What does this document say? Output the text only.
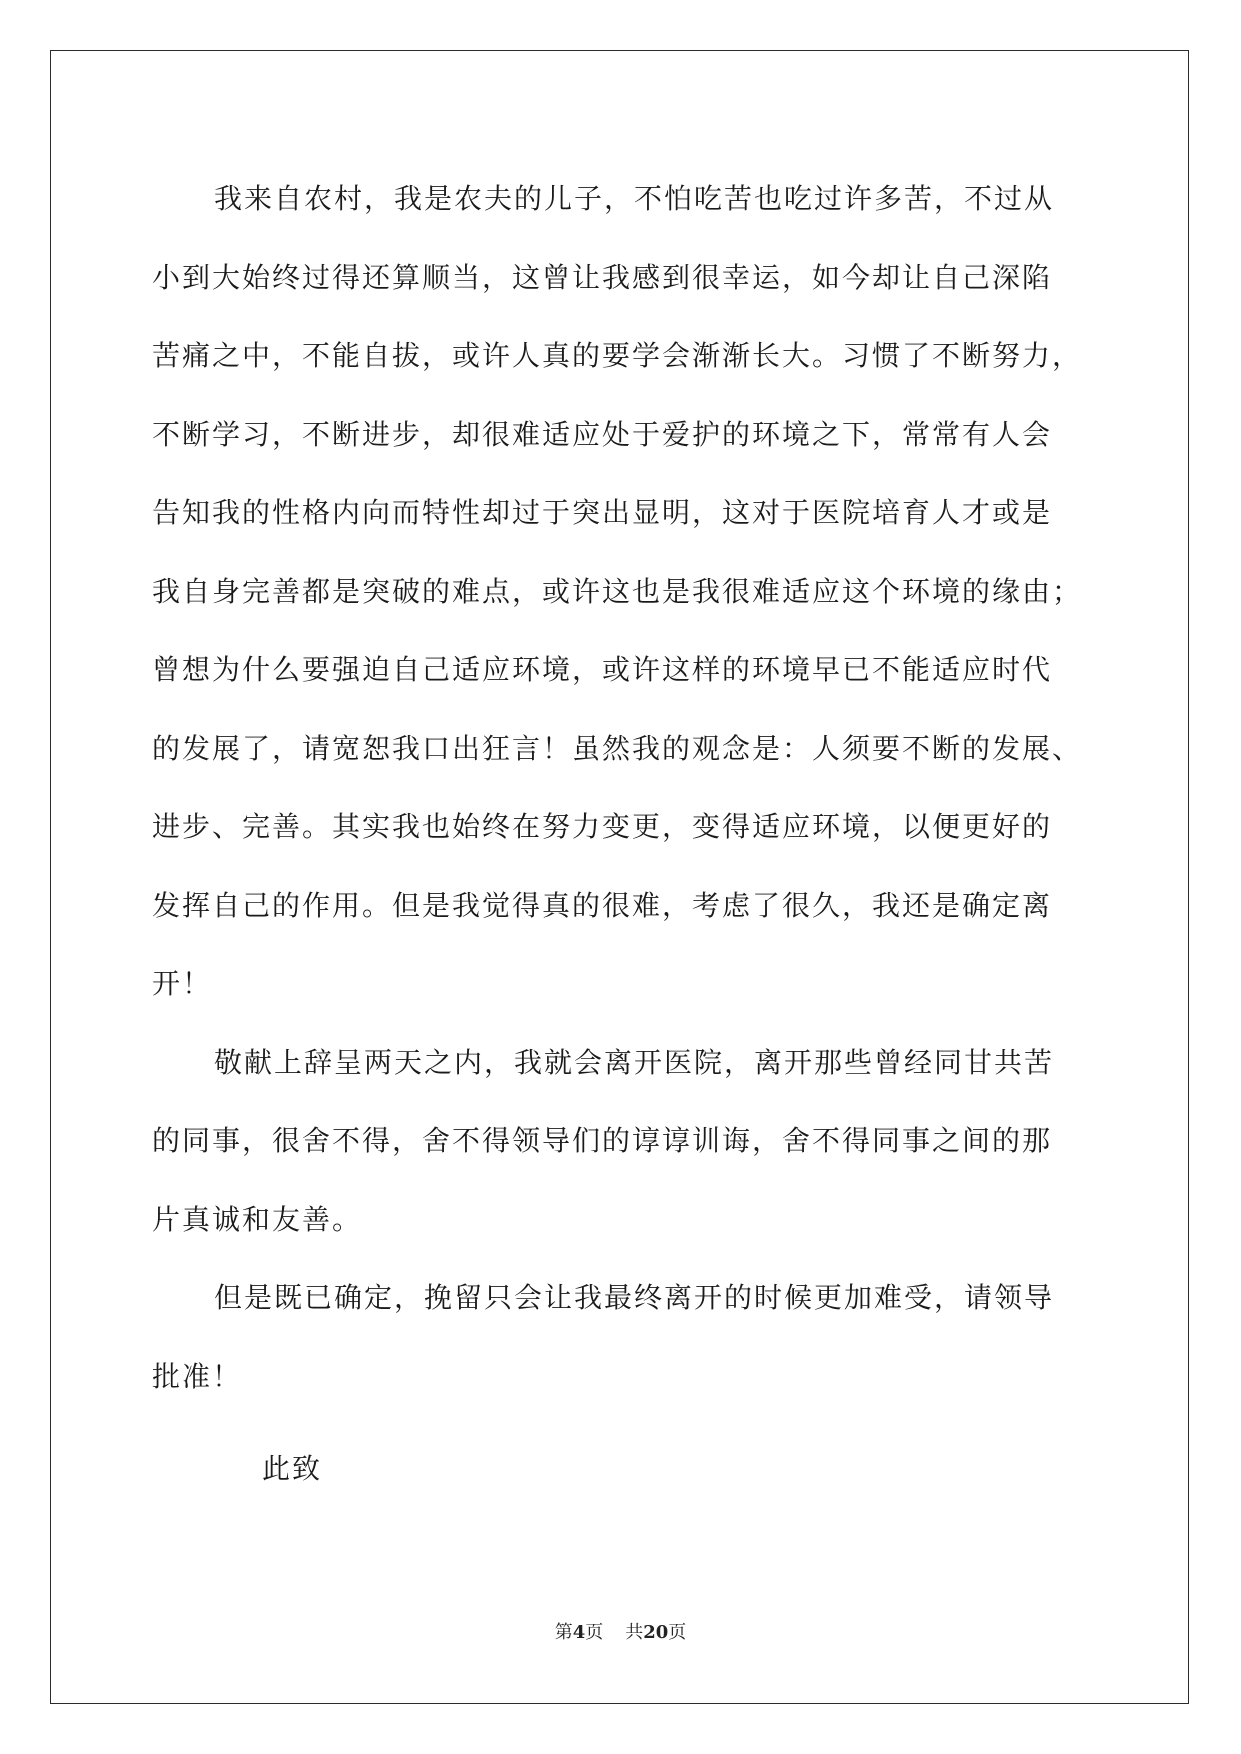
我来自农村，我是农夫的儿子，不怕吃苦也吃过许多苦，不过从
小到大始终过得还算顺当，这曾让我感到很幸运，如今却让自己深陷
苦痛之中，不能自拔，或许人真的要学会渐渐长大。习惯了不断努力，
不断学习，不断进步，却很难适应处于爱护的环境之下，常常有人会
告知我的性格内向而特性却过于突出显明，这对于医院培育人才或是
我自身完善都是突破的难点，或许这也是我很难适应这个环境的缘由；
曾想为什么要强迫自己适应环境，或许这样的环境早已不能适应时代
的发展了，请宽恕我口出狂言！虽然我的观念是：人须要不断的发展、
进步、完善。其实我也始终在努力变更，变得适应环境，以便更好的
发挥自己的作用。但是我觉得真的很难，考虑了很久，我还是确定离
开！

敬献上辞呈两天之内，我就会离开医院，离开那些曾经同甘共苦
的同事，很舍不得，舍不得领导们的谆谆训诲，舍不得同事之间的那
片真诚和友善。

但是既已确定，挽留只会让我最终离开的时候更加难受，请领导
批准！

此致

第4页 共20页
